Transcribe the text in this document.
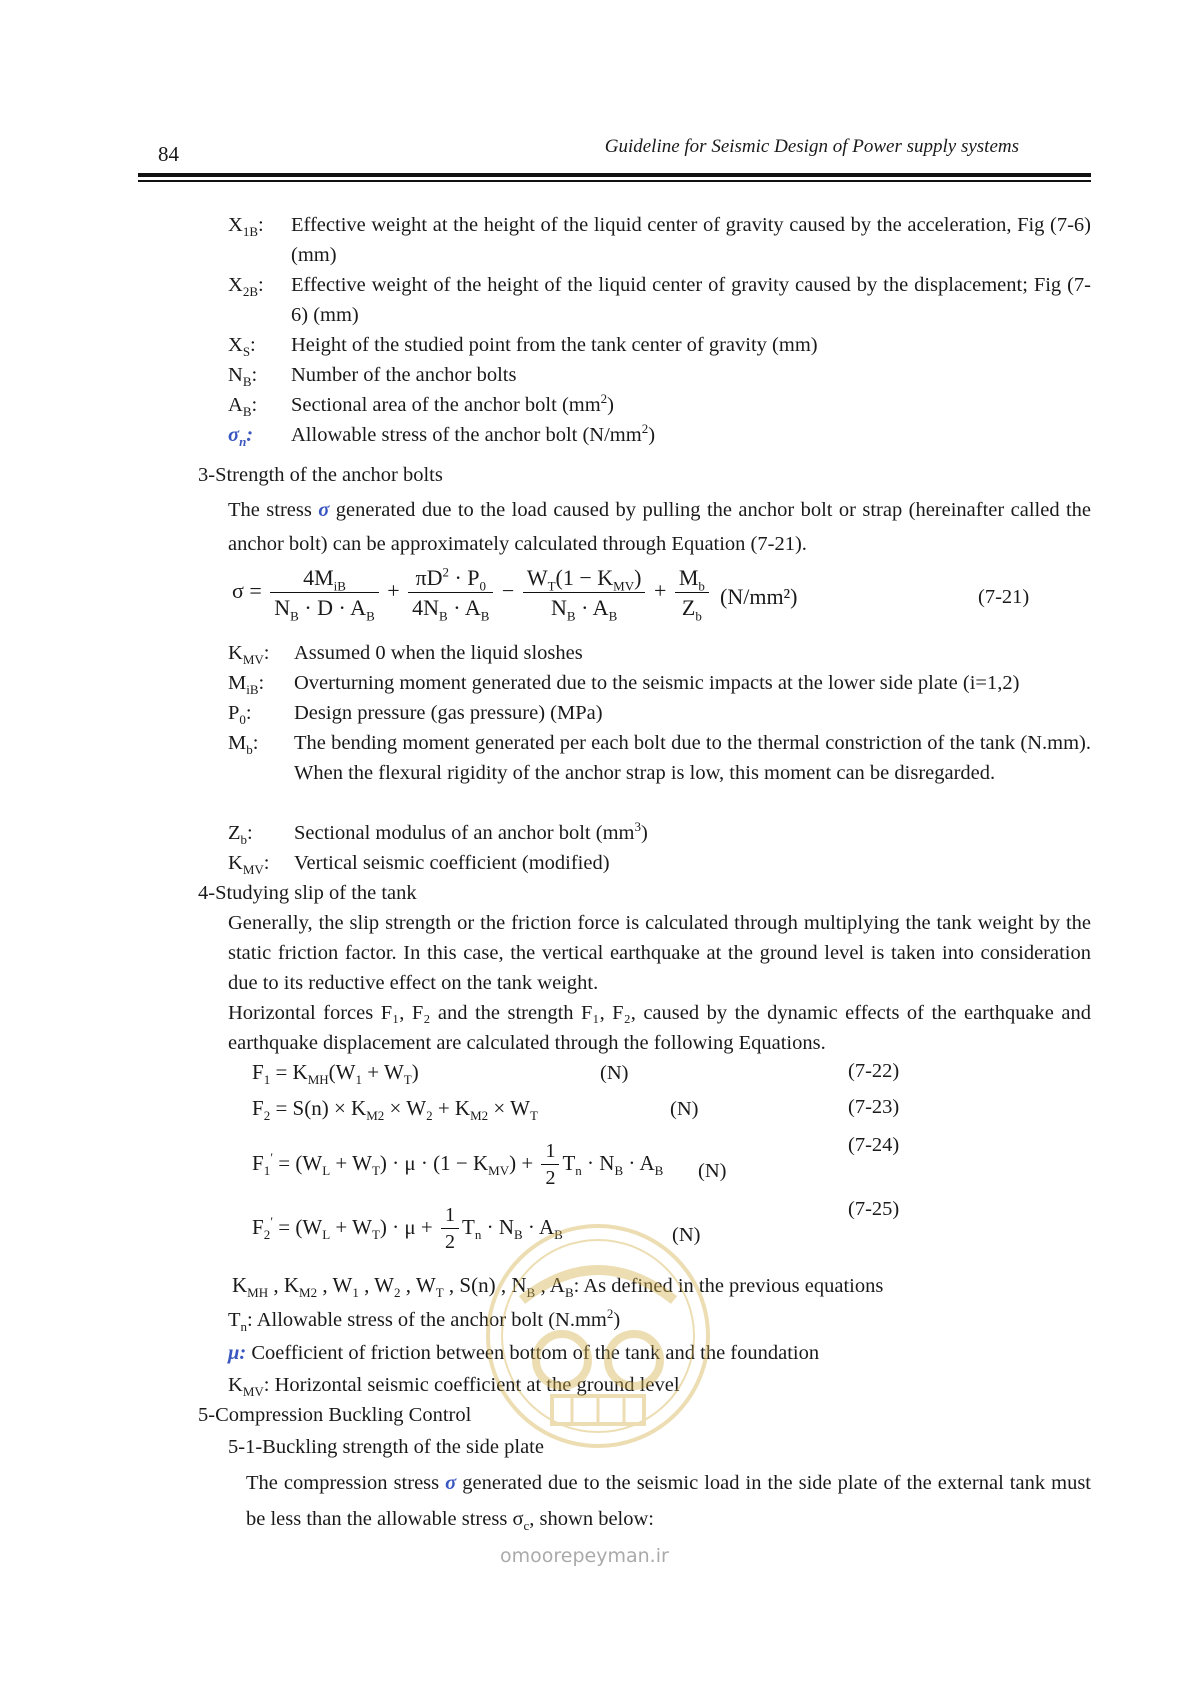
84	Guideline for Seismic Design of Power supply systems
$X_{1B}$:	Effective weight at the height of the liquid center of gravity caused by the acceleration, Fig (7-6) (mm)
$X_{2B}$:	Effective weight of the height of the liquid center of gravity caused by the displacement; Fig (7-6) (mm)
$X_S$:	Height of the studied point from the tank center of gravity (mm)
$N_B$:	Number of the anchor bolts
$A_B$:	Sectional area of the anchor bolt $(mm^2)$
$\sigma_n$:	Allowable stress of the anchor bolt $(N/mm^2)$
3-Strength of the anchor bolts
The stress σ generated due to the load caused by pulling the anchor bolt or strap (hereinafter called the anchor bolt) can be approximately calculated through Equation (7-21).
$\sigma = \frac{4M_{iB}}{N_B \cdot D \cdot A_B} + \frac{\pi D^2 \cdot P_0}{4N_B \cdot A_B} - \frac{W_T(1 - K_{MV})}{N_B \cdot A_B} + \frac{M_b}{Z_b} (N/mm^2)$	(7-21)
$K_{MV}$:	Assumed 0 when the liquid sloshes
$M_{iB}$:	Overturning moment generated due to the seismic impacts at the lower side plate (i=1,2)
$P_0$:	Design pressure (gas pressure) (MPa)
$M_b$:	The bending moment generated per each bolt due to the thermal constriction of the tank (N.mm). When the flexural rigidity of the anchor strap is low, this moment can be disregarded.
$Z_b$:	Sectional modulus of an anchor bolt $(mm^3)$
$K_{MV}$:	Vertical seismic coefficient (modified)
4-Studying slip of the tank
Generally, the slip strength or the friction force is calculated through multiplying the tank weight by the static friction factor. In this case, the vertical earthquake at the ground level is taken into consideration due to its reductive effect on the tank weight.
Horizontal forces F₁, F₂ and the strength F₁, F₂, caused by the dynamic effects of the earthquake and earthquake displacement are calculated through the following Equations.
$F_1 = K_{MH}(W_1 + W_T)$	(N)	(7-22)
$F_2 = S(n) \times K_{M2} \times W_2 + K_{M2} \times W_T$	(N)	(7-23)
$F_1' = (W_L + W_T) \cdot \mu \cdot (1 - K_{MV}) + \frac{1}{2} T_n \cdot N_B \cdot A_B$ (N)
(7-24)
$F_2' = (W_L + W_T) \cdot \mu + \frac{1}{2} T_n \cdot N_B \cdot A_B$	(N)
(7-25)
$K_{MH}$ , $K_{M2}$ , $W_1$ , $W_2$ , $W_T$ , S(n) , $N_B$ , $A_B$: As defined in the previous equations
$T_n$: Allowable stress of the anchor bolt $(N.mm^2)$
μ: Coefficient of friction between bottom of the tank and the foundation
$K_{MV}$: Horizontal seismic coefficient at the ground level
5-Compression Buckling Control
5-1-Buckling strength of the side plate
The compression stress σ generated due to the seismic load in the side plate of the external tank must be less than the allowable stress $\sigma_c$, shown below:
omoorepeyman.ir
